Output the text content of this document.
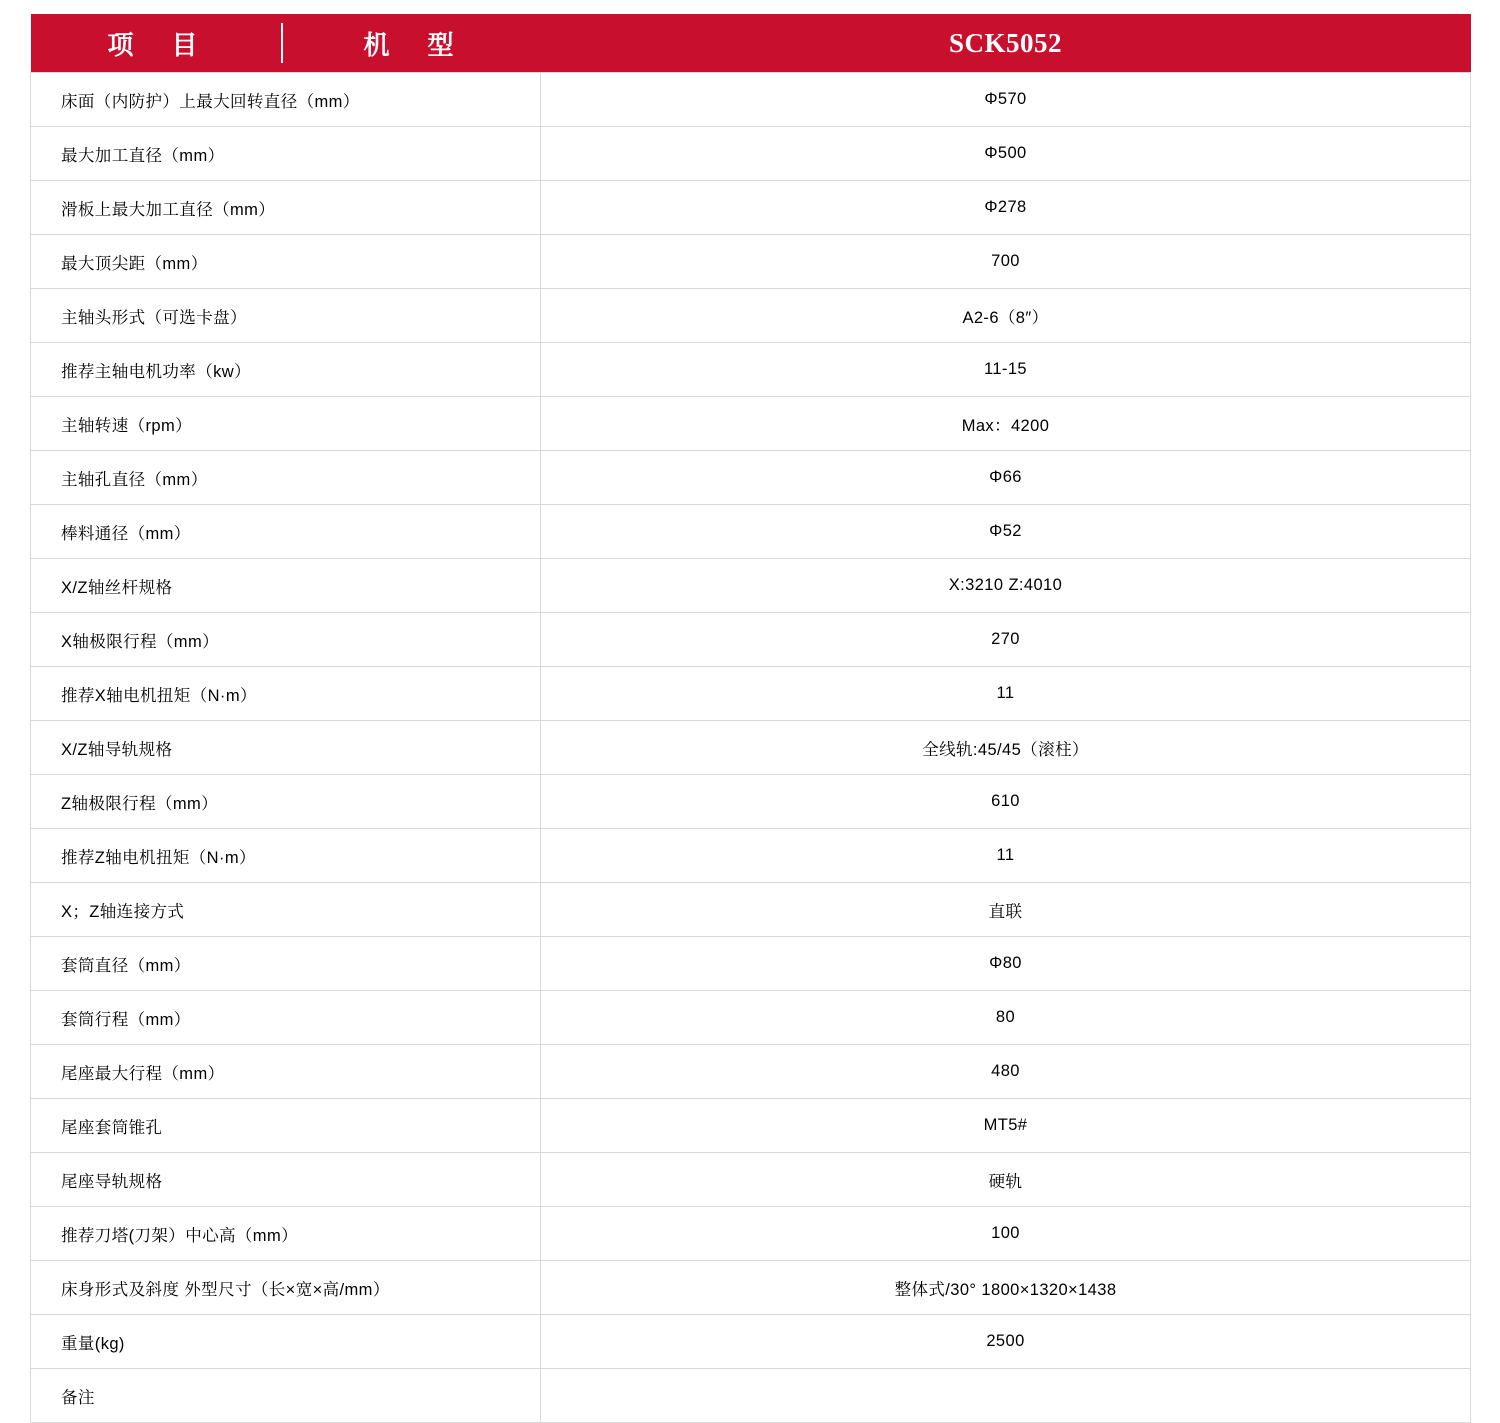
项　目 机　型	SCK5052
床面（内防护）上最大回转直径（mm）	Φ570
最大加工直径（mm）	Φ500
滑板上最大加工直径（mm）	Φ278
最大顶尖距（mm）	700
主轴头形式（可选卡盘）	A2-6（8″）
推荐主轴电机功率（kw）	11-15
主轴转速（rpm）	Max：4200
主轴孔直径（mm）	Φ66
棒料通径（mm）	Φ52
X/Z轴丝杆规格	X:3210 Z:4010
X轴极限行程（mm）	270
推荐X轴电机扭矩（N·m）	11
X/Z轴导轨规格	全线轨:45/45（滚柱）
Z轴极限行程（mm）	610
推荐Z轴电机扭矩（N·m）	11
X；Z轴连接方式	直联
套筒直径（mm）	Φ80
套筒行程（mm）	80
尾座最大行程（mm）	480
尾座套筒锥孔	MT5#
尾座导轨规格	硬轨
推荐刀塔(刀架）中心高（mm）	100
床身形式及斜度 外型尺寸（长×宽×高/mm）	整体式/30° 1800×1320×1438
重量(kg)	2500
备注	
